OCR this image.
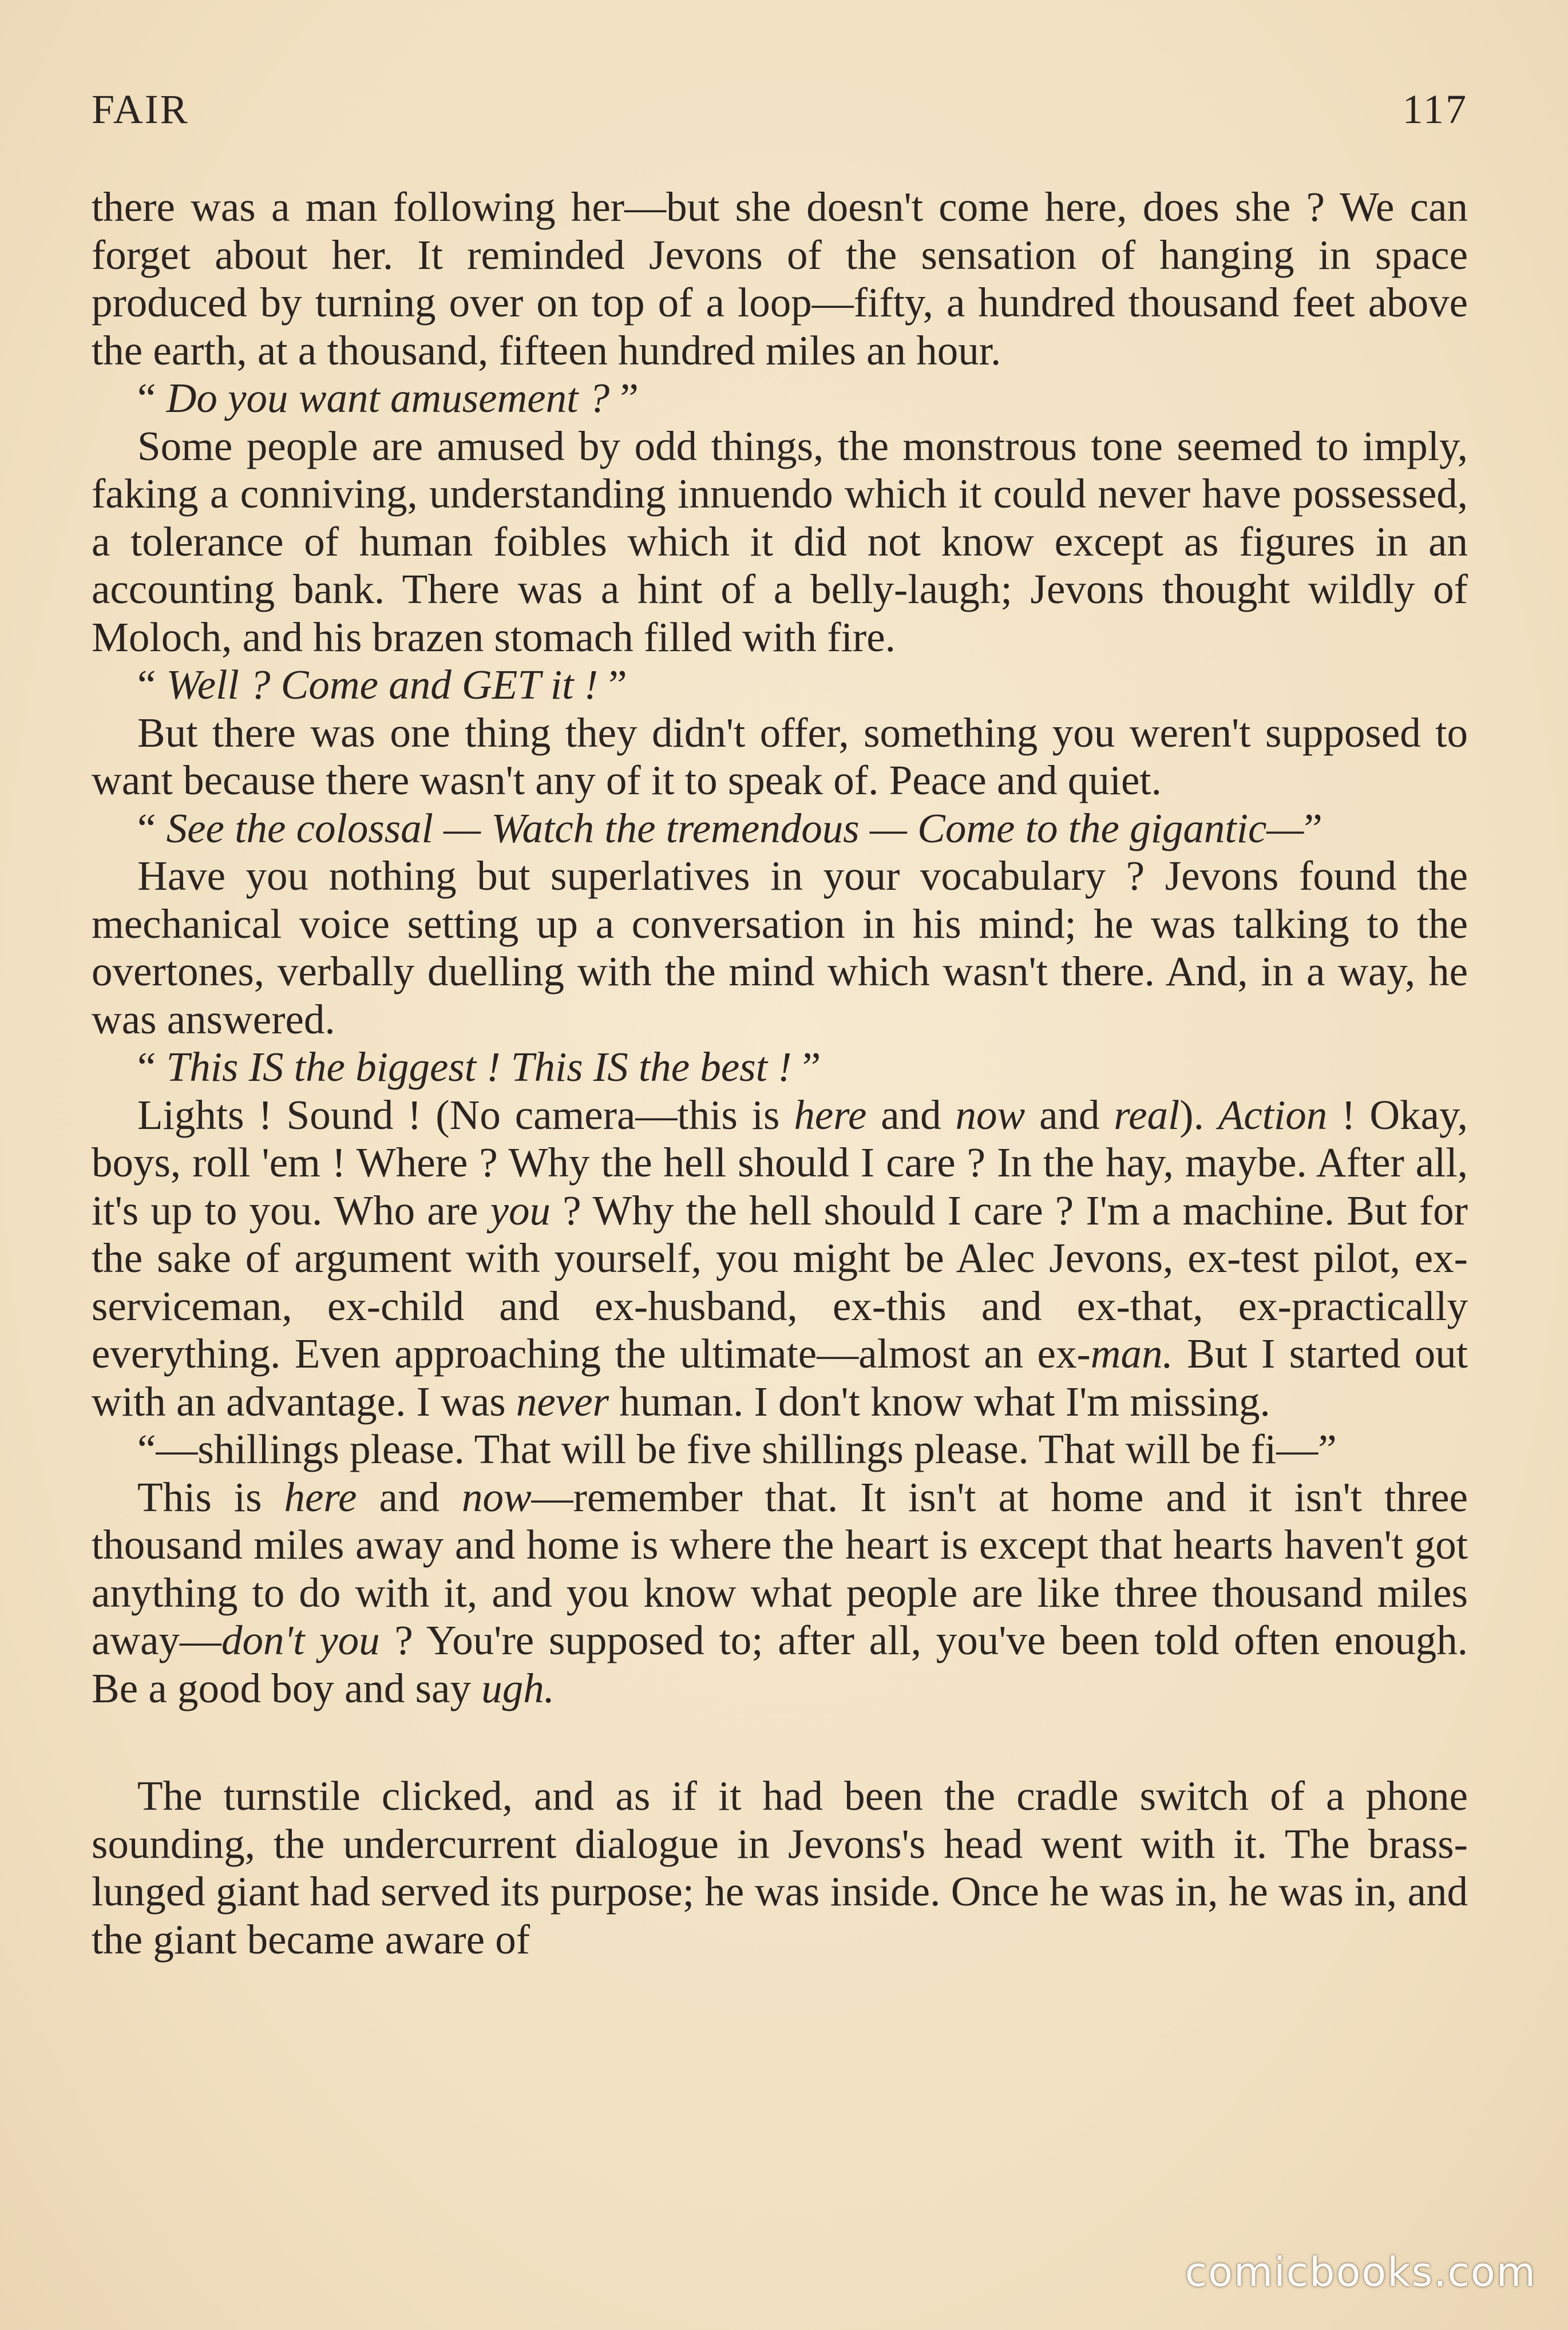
FAIR	117

there was a man following her—but she doesn't come here, does she ? We can forget about her. It reminded Jevons of the sensation of hanging in space produced by turning over on top of a loop—fifty, a hundred thousand feet above the earth, at a thousand, fifteen hundred miles an hour.

“ Do you want amusement ? ”

Some people are amused by odd things, the monstrous tone seemed to imply, faking a conniving, understanding innuendo which it could never have possessed, a tolerance of human foibles which it did not know except as figures in an accounting bank. There was a hint of a belly-laugh; Jevons thought wildly of Moloch, and his brazen stomach filled with fire.

“ Well ? Come and GET it ! ”

But there was one thing they didn't offer, something you weren't supposed to want because there wasn't any of it to speak of. Peace and quiet.

“ See the colossal — Watch the tremendous — Come to the gigantic—”

Have you nothing but superlatives in your vocabulary ? Jevons found the mechanical voice setting up a conversation in his mind; he was talking to the overtones, verbally duelling with the mind which wasn't there. And, in a way, he was answered.

“ This IS the biggest ! This IS the best ! ”

Lights ! Sound ! (No camera—this is here and now and real). Action ! Okay, boys, roll 'em ! Where ? Why the hell should I care ? In the hay, maybe. After all, it's up to you. Who are you ? Why the hell should I care ? I'm a machine. But for the sake of argument with yourself, you might be Alec Jevons, ex-test pilot, ex-serviceman, ex-child and ex-husband, ex-this and ex-that, ex-practically everything. Even approaching the ultimate—almost an ex-man. But I started out with an advantage. I was never human. I don't know what I'm missing.

“—shillings please. That will be five shillings please. That will be fi—”

This is here and now—remember that. It isn't at home and it isn't three thousand miles away and home is where the heart is except that hearts haven't got anything to do with it, and you know what people are like three thousand miles away—don't you ? You're supposed to; after all, you've been told often enough. Be a good boy and say ugh.

The turnstile clicked, and as if it had been the cradle switch of a phone sounding, the undercurrent dialogue in Jevons's head went with it. The brass-lunged giant had served its purpose; he was inside. Once he was in, he was in, and the giant became aware of

comicbooks.com
